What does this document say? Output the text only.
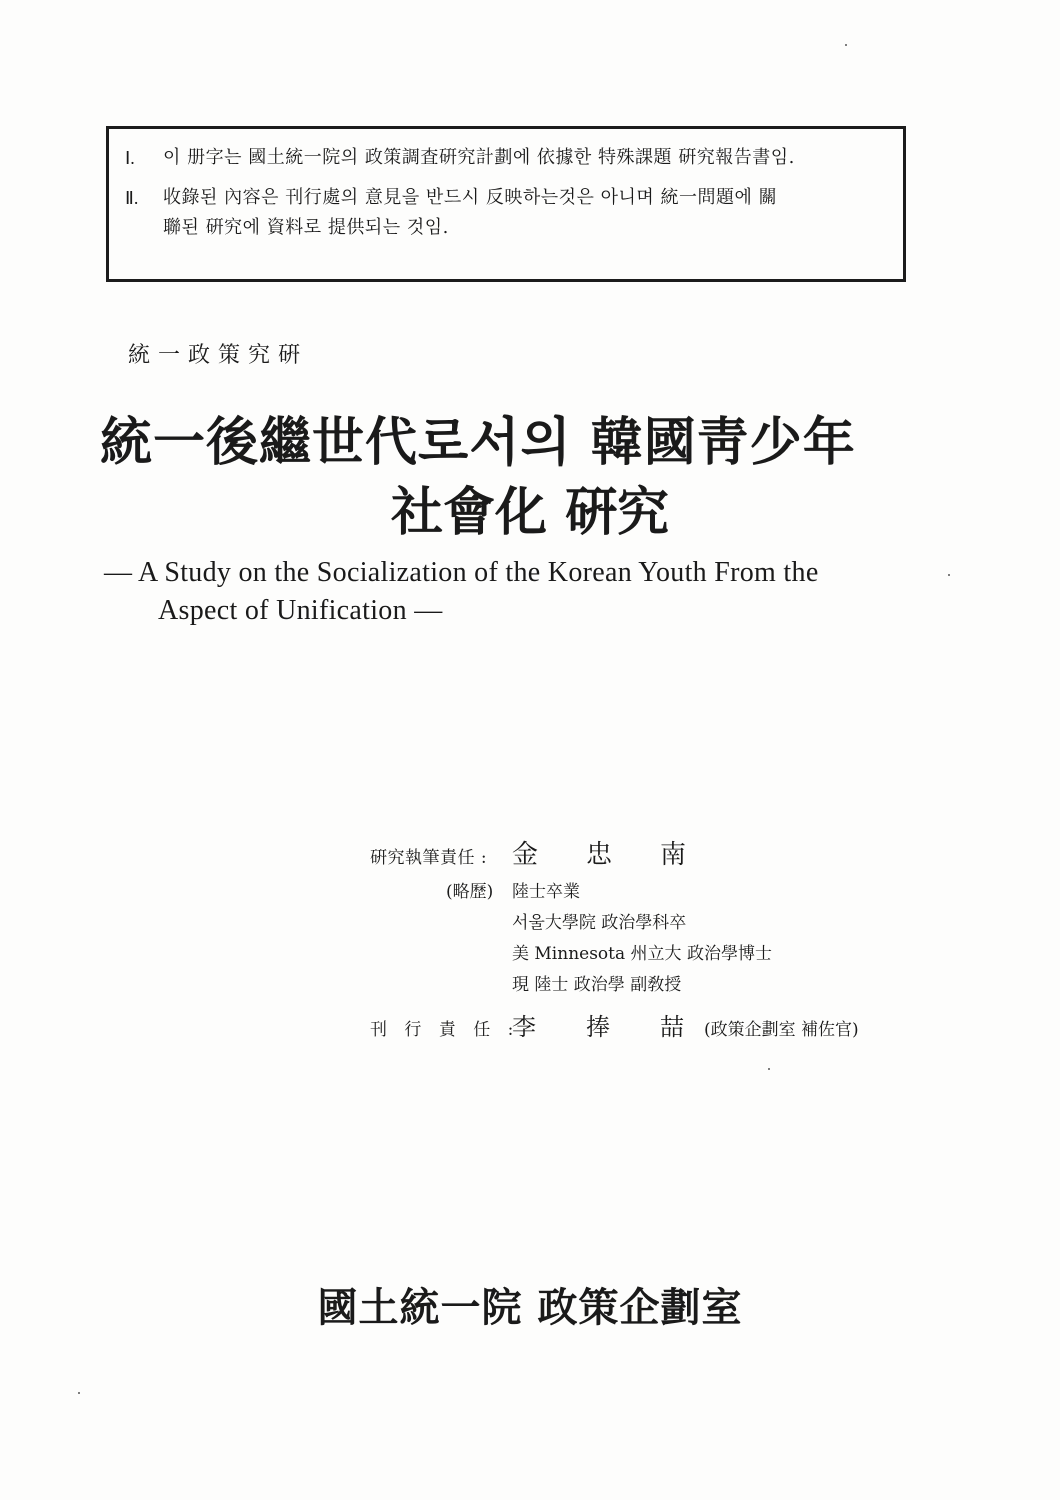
Ⅰ.	이 册字는 國土統一院의 政策調査硏究計劃에 依據한 特殊課題 硏究報告書임.
Ⅱ.	收錄된 內容은 刊行處의 意見을 반드시 反映하는것은 아니며 統一問題에 關
聯된 硏究에 資料로 提供되는 것임.
統一政策究硏
統一後繼世代로서의 韓國靑少年
社會化 硏究
— A Study on the Socialization of the Korean Youth From the
Aspect of Unification —
硏究執筆責任 : 金忠南
(略歷)	陸士卒業
서울大學院 政治學科卒
美 Minnesota 州立大 政治學博士
現 陸士 政治學 副敎授
刊 行 責 任 :
李捧喆
(政策企劃室 補佐官)
國土統一院 政策企劃室
